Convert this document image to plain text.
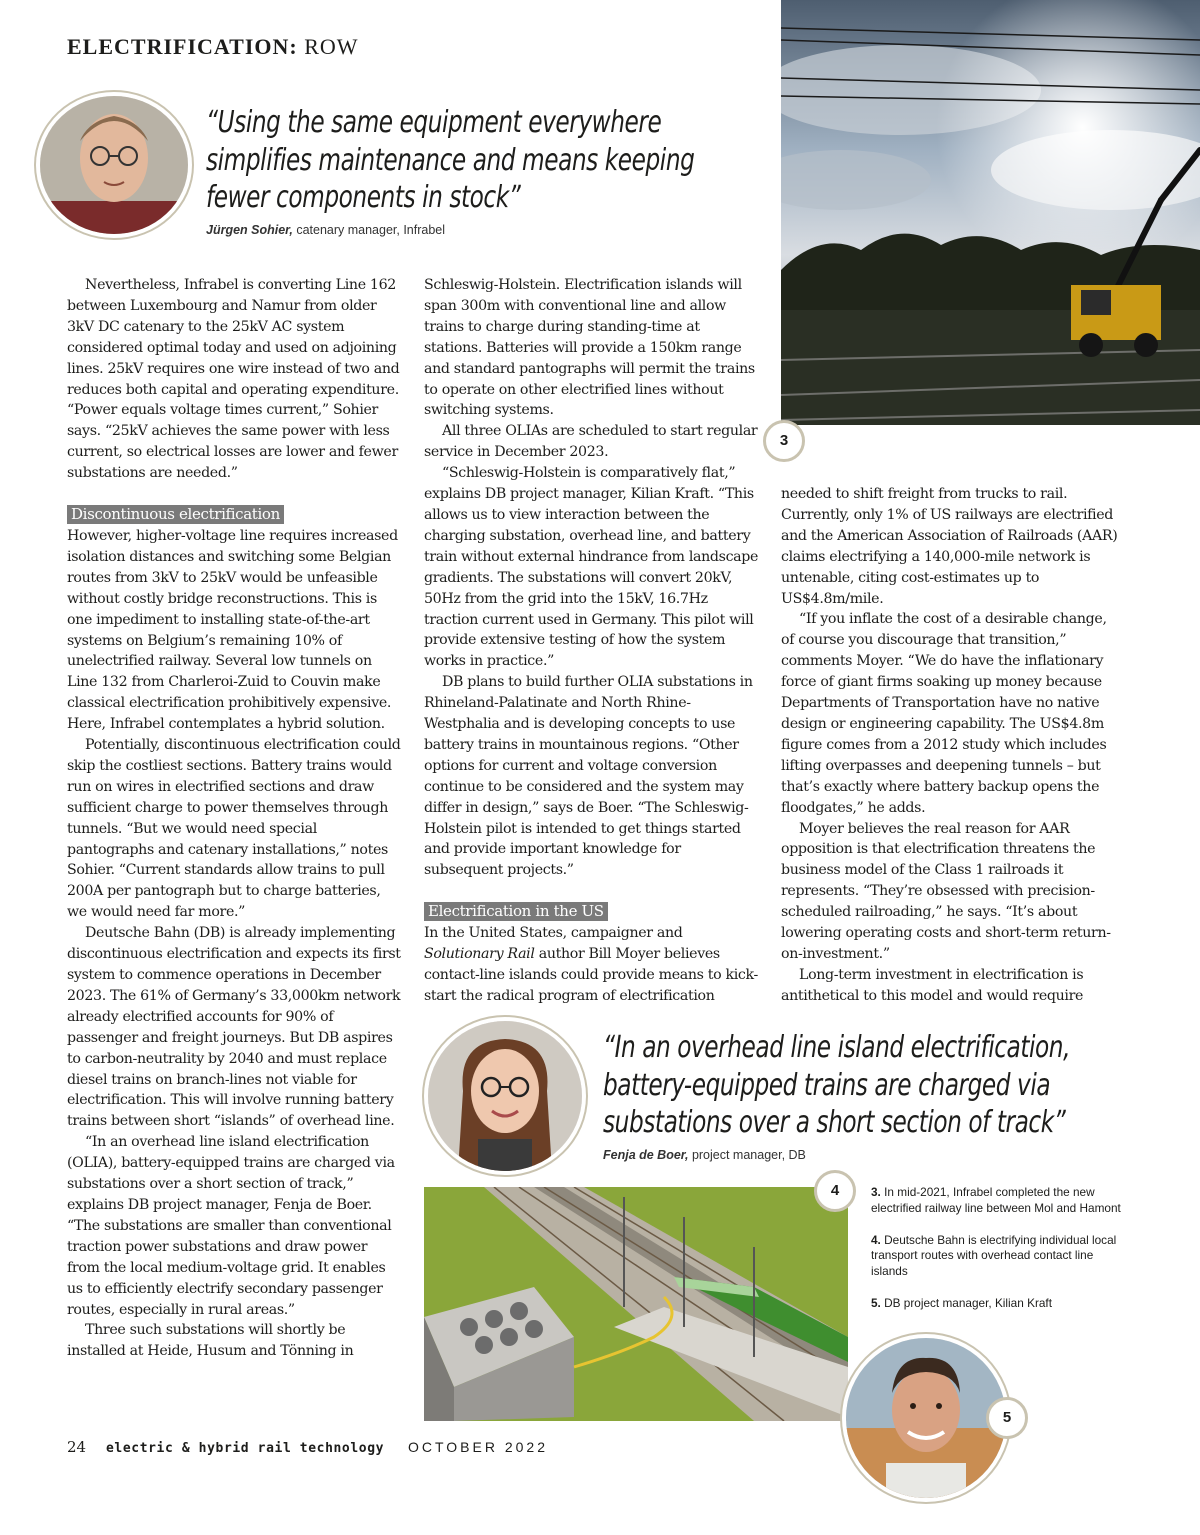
ELECTRIFICATION: ROW
“Using the same equipment everywhere
simplifies maintenance and means keeping
fewer components in stock”
Jürgen Sohier, catenary manager, Infrabel

Nevertheless, Infrabel is converting Line 162 between Luxembourg and Namur from older 3kV DC catenary to the 25kV AC system considered optimal today and used on adjoining lines. 25kV requires one wire instead of two and reduces both capital and operating expenditure. “Power equals voltage times current,” Sohier says. “25kV achieves the same power with less current, so electrical losses are lower and fewer substations are needed.”

Discontinuous electrification

However, higher-voltage line requires increased isolation distances and switching some Belgian routes from 3kV to 25kV would be unfeasible without costly bridge reconstructions. This is one impediment to installing state-of-the-art systems on Belgium’s remaining 10% of unelectrified railway. Several low tunnels on Line 132 from Charleroi-Zuid to Couvin make classical electrification prohibitively expensive. Here, Infrabel contemplates a hybrid solution.

Potentially, discontinuous electrification could skip the costliest sections. Battery trains would run on wires in electrified sections and draw sufficient charge to power themselves through tunnels. “But we would need special pantographs and catenary installations,” notes Sohier. “Current standards allow trains to pull 200A per pantograph but to charge batteries, we would need far more.”

Deutsche Bahn (DB) is already implementing discontinuous electrification and expects its first system to commence operations in December 2023. The 61% of Germany’s 33,000km network already electrified accounts for 90% of passenger and freight journeys. But DB aspires to carbon-neutrality by 2040 and must replace diesel trains on branch-lines not viable for electrification. This will involve running battery trains between short “islands” of overhead line.

“In an overhead line island electrification (OLIA), battery-equipped trains are charged via substations over a short section of track,” explains DB project manager, Fenja de Boer. “The substations are smaller than conventional traction power substations and draw power from the local medium-voltage grid. It enables us to efficiently electrify secondary passenger routes, especially in rural areas.”

Three such substations will shortly be installed at Heide, Husum and Tönning in

Schleswig-Holstein. Electrification islands will span 300m with conventional line and allow trains to charge during standing-time at stations. Batteries will provide a 150km range and standard pantographs will permit the trains to operate on other electrified lines without switching systems.

All three OLIAs are scheduled to start regular service in December 2023.

“Schleswig-Holstein is comparatively flat,” explains DB project manager, Kilian Kraft. “This allows us to view interaction between the charging substation, overhead line, and battery train without external hindrance from landscape gradients. The substations will convert 20kV, 50Hz from the grid into the 15kV, 16.7Hz traction current used in Germany. This pilot will provide extensive testing of how the system works in practice.”

DB plans to build further OLIA substations in Rhineland-Palatinate and North Rhine-Westphalia and is developing concepts to use battery trains in mountainous regions. “Other options for current and voltage conversion continue to be considered and the system may differ in design,” says de Boer. “The Schleswig-Holstein pilot is intended to get things started and provide important knowledge for subsequent projects.”

Electrification in the US

In the United States, campaigner and Solutionary Rail author Bill Moyer believes contact-line islands could provide means to kick-start the radical program of electrification

3

needed to shift freight from trucks to rail. Currently, only 1% of US railways are electrified and the American Association of Railroads (AAR) claims electrifying a 140,000-mile network is untenable, citing cost-estimates up to US$4.8m/mile.

“If you inflate the cost of a desirable change, of course you discourage that transition,” comments Moyer. “We do have the inflationary force of giant firms soaking up money because Departments of Transportation have no native design or engineering capability. The US$4.8m figure comes from a 2012 study which includes lifting overpasses and deepening tunnels – but that’s exactly where battery backup opens the floodgates,” he adds.

Moyer believes the real reason for AAR opposition is that electrification threatens the business model of the Class 1 railroads it represents. “They’re obsessed with precision-scheduled railroading,” he says. “It’s about lowering operating costs and short-term return-on-investment.”

Long-term investment in electrification is antithetical to this model and would require

“In an overhead line island electrification,
battery-equipped trains are charged via
substations over a short section of track”
Fenja de Boer, project manager, DB
4	3. In mid-2021, Infrabel completed the new electrified railway line between Mol and Hamont
4. Deutsche Bahn is electrifying individual local transport routes with overhead contact line islands
5. DB project manager, Kilian Kraft
5
24 electric & hybrid rail technology OCTOBER 2022
